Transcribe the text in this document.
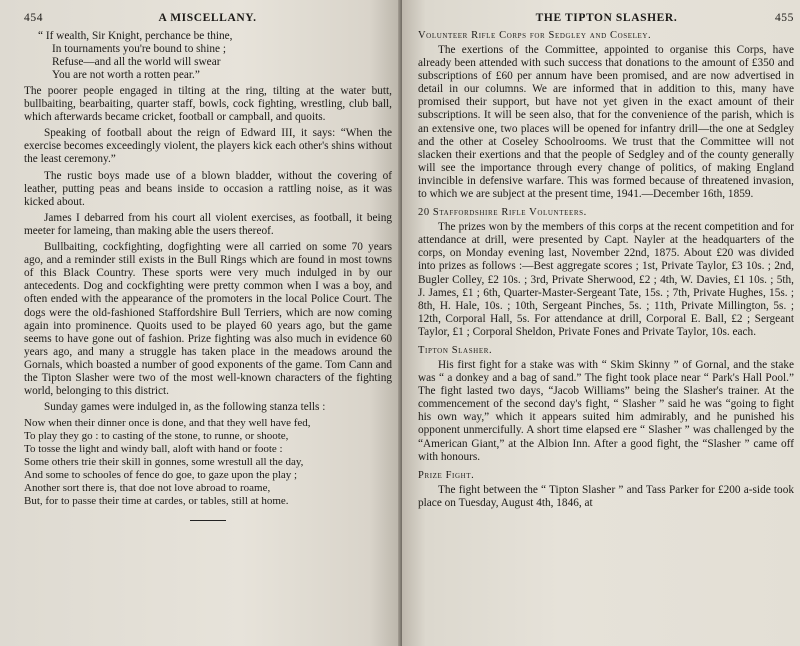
454	A MISCELLANY.
“ If wealth, Sir Knight, perchance be thine,
In tournaments you're bound to shine ;
Refuse—and all the world will swear
You are not worth a rotten pear.”

The poorer people engaged in tilting at the ring, tilting at the water butt, bullbaiting, bearbaiting, quarter staff, bowls, cock fighting, wrestling, club ball, which afterwards became cricket, football or campball, and quoits.

Speaking of football about the reign of Edward III, it says: “When the exercise becomes exceedingly violent, the players kick each other's shins without the least ceremony.”

The rustic boys made use of a blown bladder, without the covering of leather, putting peas and beans inside to occasion a rattling noise, as it was kicked about.

James I debarred from his court all violent exercises, as football, it being meeter for lameing, than making able the users thereof.

Bullbaiting, cockfighting, dogfighting were all carried on some 70 years ago, and a reminder still exists in the Bull Rings which are found in most towns of this Black Country. These sports were very much indulged in by our antecedents. Dog and cockfighting were pretty common when I was a boy, and often ended with the appearance of the promoters in the local Police Court. The dogs were the old-fashioned Staffordshire Bull Terriers, which are now coming again into prominence. Quoits used to be played 60 years ago, but the game seems to have gone out of fashion. Prize fighting was also much in evidence 60 years ago, and many a struggle has taken place in the meadows around the Gornals, which boasted a number of good exponents of the game. Tom Cann and the Tipton Slasher were two of the most well-known characters of the fighting world, belonging to this district.

Sunday games were indulged in, as the following stanza tells :

Now when their dinner once is done, and that they well have fed,
To play they go : to casting of the stone, to runne, or shoote,
To tosse the light and windy ball, aloft with hand or foote :
Some others trie their skill in gonnes, some wrestull all the day,
And some to schooles of fence do goe, to gaze upon the play ;
Another sort there is, that doe not love abroad to roame,
But, for to passe their time at cardes, or tables, still at home.
THE TIPTON SLASHER.	455
Volunteer Rifle Corps for Sedgley and Coseley.

The exertions of the Committee, appointed to organise this Corps, have already been attended with such success that donations to the amount of £350 and subscriptions of £60 per annum have been promised, and are now advertised in detail in our columns. We are informed that in addition to this, many have promised their support, but have not yet given in the exact amount of their subscriptions. It will be seen also, that for the convenience of the parish, which is an extensive one, two places will be opened for infantry drill—the one at Sedgley and the other at Coseley Schoolrooms. We trust that the Committee will not slacken their exertions and that the people of Sedgley and of the county generally will see the importance through every change of politics, of making England invincible in defensive warfare. This was formed because of threatened invasion, to which we are subject at the present time, 1941.—December 16th, 1859.

20 Staffordshire Rifle Volunteers.

The prizes won by the members of this corps at the recent competition and for attendance at drill, were presented by Capt. Nayler at the headquarters of the corps, on Monday evening last, November 22nd, 1875. About £20 was divided into prizes as follows :—Best aggregate scores ; 1st, Private Taylor, £3 10s. ; 2nd, Bugler Colley, £2 10s. ; 3rd, Private Sherwood, £2 ; 4th, W. Davies, £1 10s. ; 5th, J. James, £1 ; 6th, Quarter-Master-Sergeant Tate, 15s. ; 7th, Private Hughes, 15s. ; 8th, H. Hale, 10s. ; 10th, Sergeant Pinches, 5s. ; 11th, Private Millington, 5s. ; 12th, Corporal Hall, 5s. For attendance at drill, Corporal E. Ball, £2 ; Sergeant Taylor, £1 ; Corporal Sheldon, Private Fones and Private Taylor, 10s. each.

Tipton Slasher.

His first fight for a stake was with “ Skim Skinny ” of Gornal, and the stake was “ a donkey and a bag of sand.” The fight took place near “ Park's Hall Pool.” The fight lasted two days, “Jacob Williams” being the Slasher's trainer. At the commencement of the second day's fight, “ Slasher ” said he was “going to fight his own way,” which it appears suited him admirably, and he punished his opponent unmercifully. A short time elapsed ere “ Slasher ” was challenged by the “American Giant,” at the Albion Inn. After a good fight, the “Slasher ” came off with honours.

Prize Fight.

The fight between the “ Tipton Slasher ” and Tass Parker for £200 a-side took place on Tuesday, August 4th, 1846, at
